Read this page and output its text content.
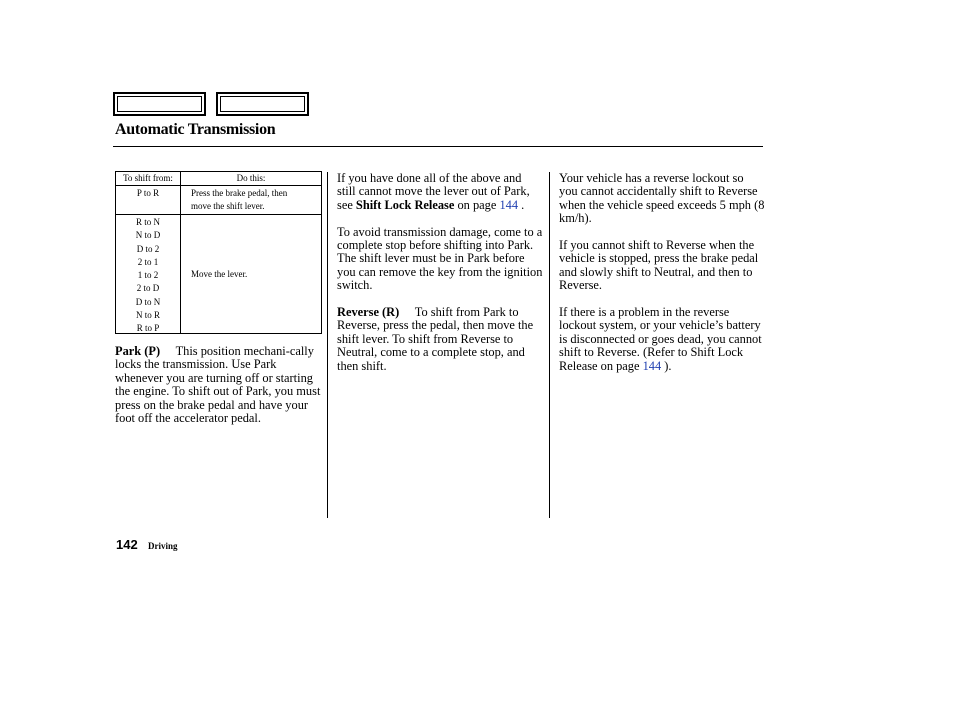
Automatic Transmission
To shift from:	Do this:
P to R	Press the brake pedal, then
move the shift lever.
R to N
N to D
D to 2
2 to 1
1 to 2
2 to D
D to N
N to R
R to P
Move the lever.

Park (P) This position mechani-cally locks the transmission. Use Park whenever you are turning off or starting the engine. To shift out of Park, you must press on the brake pedal and have your foot off the accelerator pedal.

If you have done all of the above and still cannot move the lever out of Park, see Shift Lock Release on page 144 .

To avoid transmission damage, come to a complete stop before shifting into Park. The shift lever must be in Park before you can remove the key from the ignition switch.

Reverse (R) To shift from Park to Reverse, press the pedal, then move the shift lever. To shift from Reverse to Neutral, come to a complete stop, and then shift.

Your vehicle has a reverse lockout so you cannot accidentally shift to Reverse when the vehicle speed exceeds 5 mph (8 km/h).

If you cannot shift to Reverse when the vehicle is stopped, press the brake pedal and slowly shift to Neutral, and then to Reverse.

If there is a problem in the reverse lockout system, or your vehicle’s battery is disconnected or goes dead, you cannot shift to Reverse. (Refer to Shift Lock Release on page 144 ).

142 Driving
